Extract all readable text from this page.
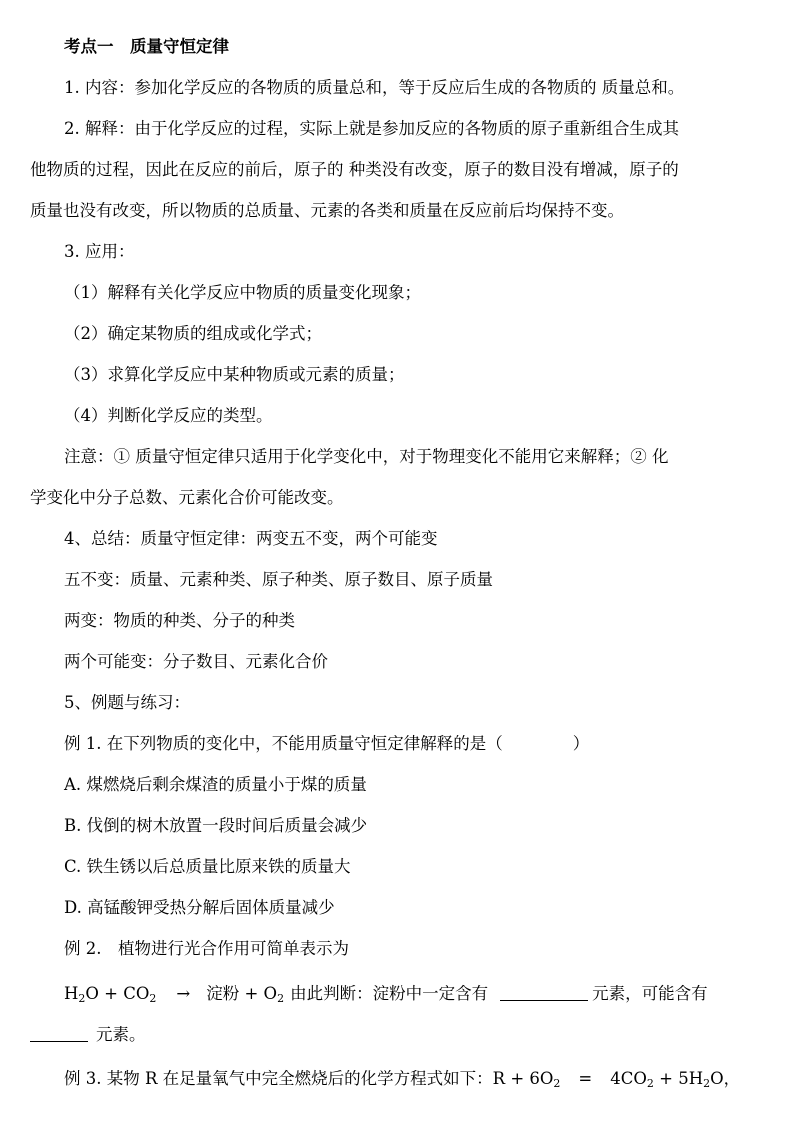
考点一　质量守恒定律
1. 内容：参加化学反应的各物质的质量总和，等于反应后生成的各物质的 质量总和。
2. 解释：由于化学反应的过程，实际上就是参加反应的各物质的原子重新组合生成其
他物质的过程，因此在反应的前后，原子的 种类没有改变，原子的数目没有增减，原子的
质量也没有改变，所以物质的总质量、元素的各类和质量在反应前后均保持不变。
3. 应用：
（1）解释有关化学反应中物质的质量变化现象；
（2）确定某物质的组成或化学式；
（3）求算化学反应中某种物质或元素的质量；
（4）判断化学反应的类型。
注意：① 质量守恒定律只适用于化学变化中，对于物理变化不能用它来解释；② 化
学变化中分子总数、元素化合价可能改变。
4、总结：质量守恒定律：两变五不变，两个可能变
五不变：质量、元素种类、原子种类、原子数目、原子质量
两变：物质的种类、分子的种类
两个可能变：分子数目、元素化合价
5、例题与练习：
例 1. 在下列物质的变化中，不能用质量守恒定律解释的是（	）
A. 煤燃烧后剩余煤渣的质量小于煤的质量
B. 伐倒的树木放置一段时间后质量会减少
C. 铁生锈以后总质量比原来铁的质量大
D. 高锰酸钾受热分解后固体质量减少
例 2.　植物进行光合作用可简单表示为
$H_2O + CO_2$ → 淀粉 + $O_2$ 由此判断：淀粉中一定含有	元素，可能含有
元素。
例 3. 某物 R 在足量氧气中完全燃烧后的化学方程式如下：$R + 6O_2 = 4CO_2 + 5H_2O$，
